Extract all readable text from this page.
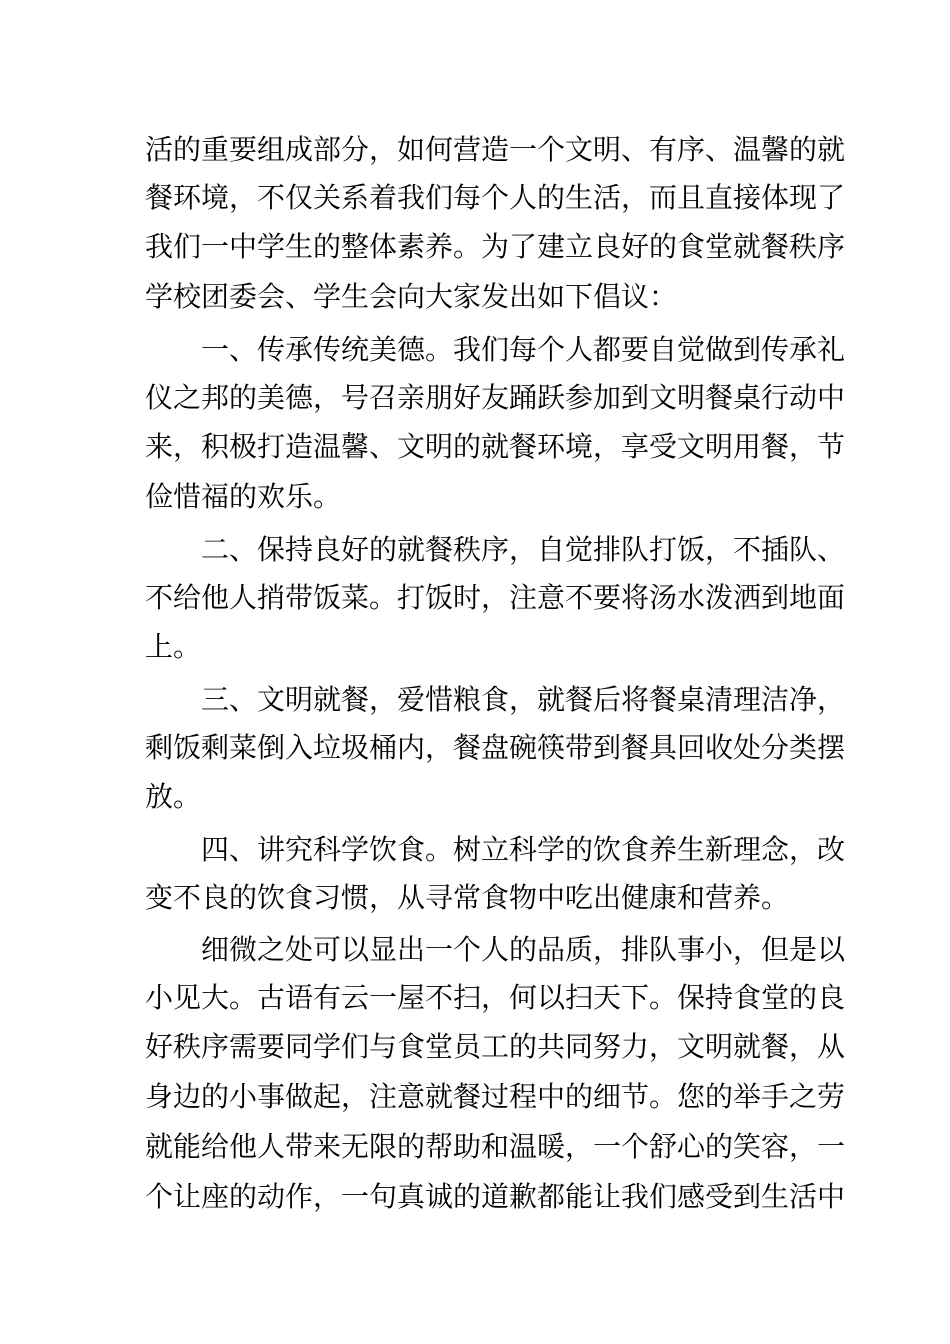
活的重要组成部分，如何营造一个文明、有序、温馨的就
餐环境，不仅关系着我们每个人的生活，而且直接体现了
我们一中学生的整体素养。为了建立良好的食堂就餐秩序
学校团委会、学生会向大家发出如下倡议：
一、传承传统美德。我们每个人都要自觉做到传承礼
仪之邦的美德，号召亲朋好友踊跃参加到文明餐桌行动中
来，积极打造温馨、文明的就餐环境，享受文明用餐，节
俭惜福的欢乐。
二、保持良好的就餐秩序，自觉排队打饭，不插队、
不给他人捎带饭菜。打饭时，注意不要将汤水泼洒到地面
上。
三、文明就餐，爱惜粮食，就餐后将餐桌清理洁净，
剩饭剩菜倒入垃圾桶内，餐盘碗筷带到餐具回收处分类摆
放。
四、讲究科学饮食。树立科学的饮食养生新理念，改
变不良的饮食习惯，从寻常食物中吃出健康和营养。
细微之处可以显出一个人的品质，排队事小，但是以
小见大。古语有云一屋不扫，何以扫天下。保持食堂的良
好秩序需要同学们与食堂员工的共同努力，文明就餐，从
身边的小事做起，注意就餐过程中的细节。您的举手之劳
就能给他人带来无限的帮助和温暖，一个舒心的笑容，一
个让座的动作，一句真诚的道歉都能让我们感受到生活中
